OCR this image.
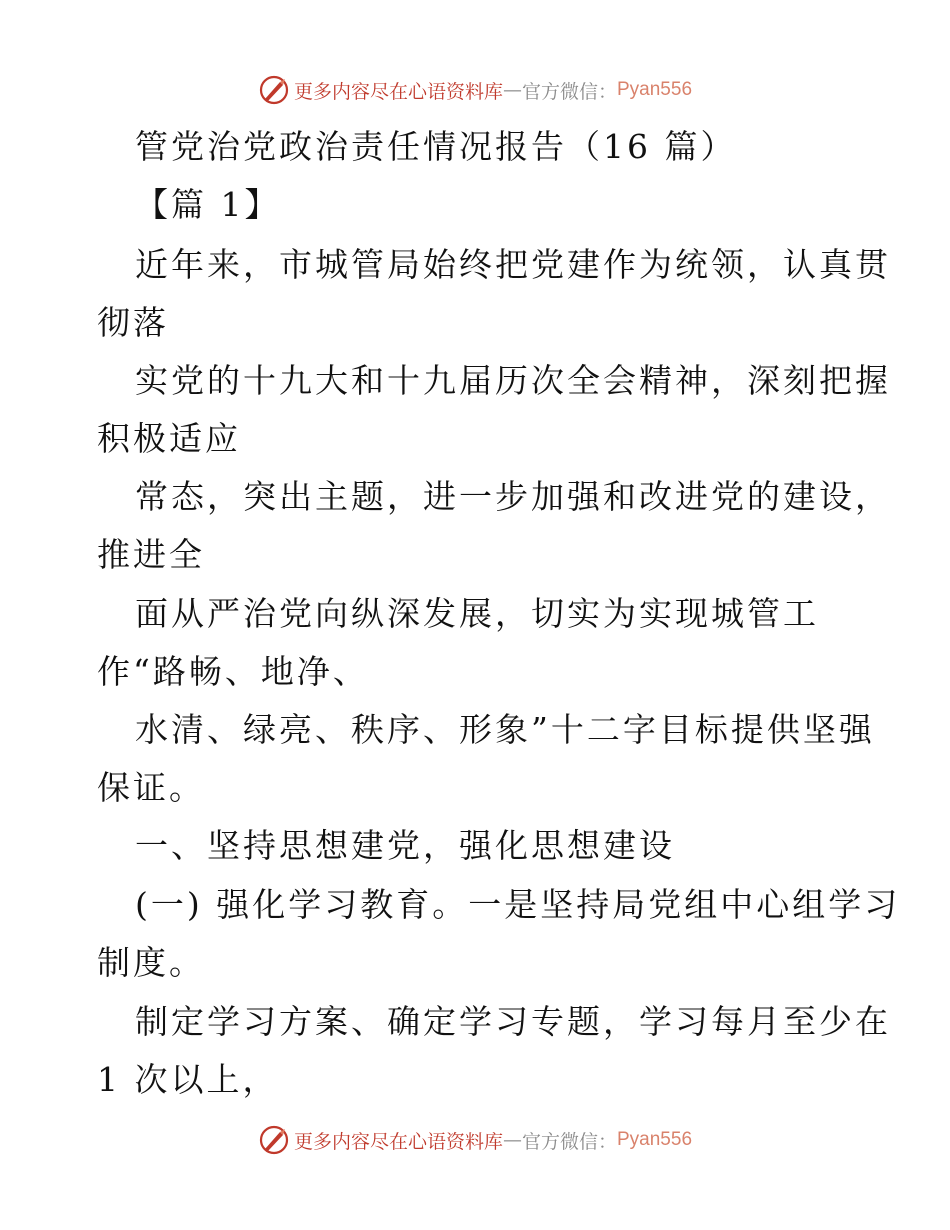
更多内容尽在心语资料库 — 官方微信： Pyan556
管党治党政治责任情况报告（16 篇）
【篇 1】
近年来，市城管局始终把党建作为统领，认真贯
彻落
实党的十九大和十九届历次全会精神，深刻把握
积极适应
常态，突出主题，进一步加强和改进党的建设，
推进全
面从严治党向纵深发展，切实为实现城管工
作“路畅、地净、
水清、绿亮、秩序、形象”十二字目标提供坚强
保证。
一、坚持思想建党，强化思想建设
(一) 强化学习教育。一是坚持局党组中心组学习
制度。
制定学习方案、确定学习专题，学习每月至少在
1 次以上，
更多内容尽在心语资料库 — 官方微信： Pyan556
